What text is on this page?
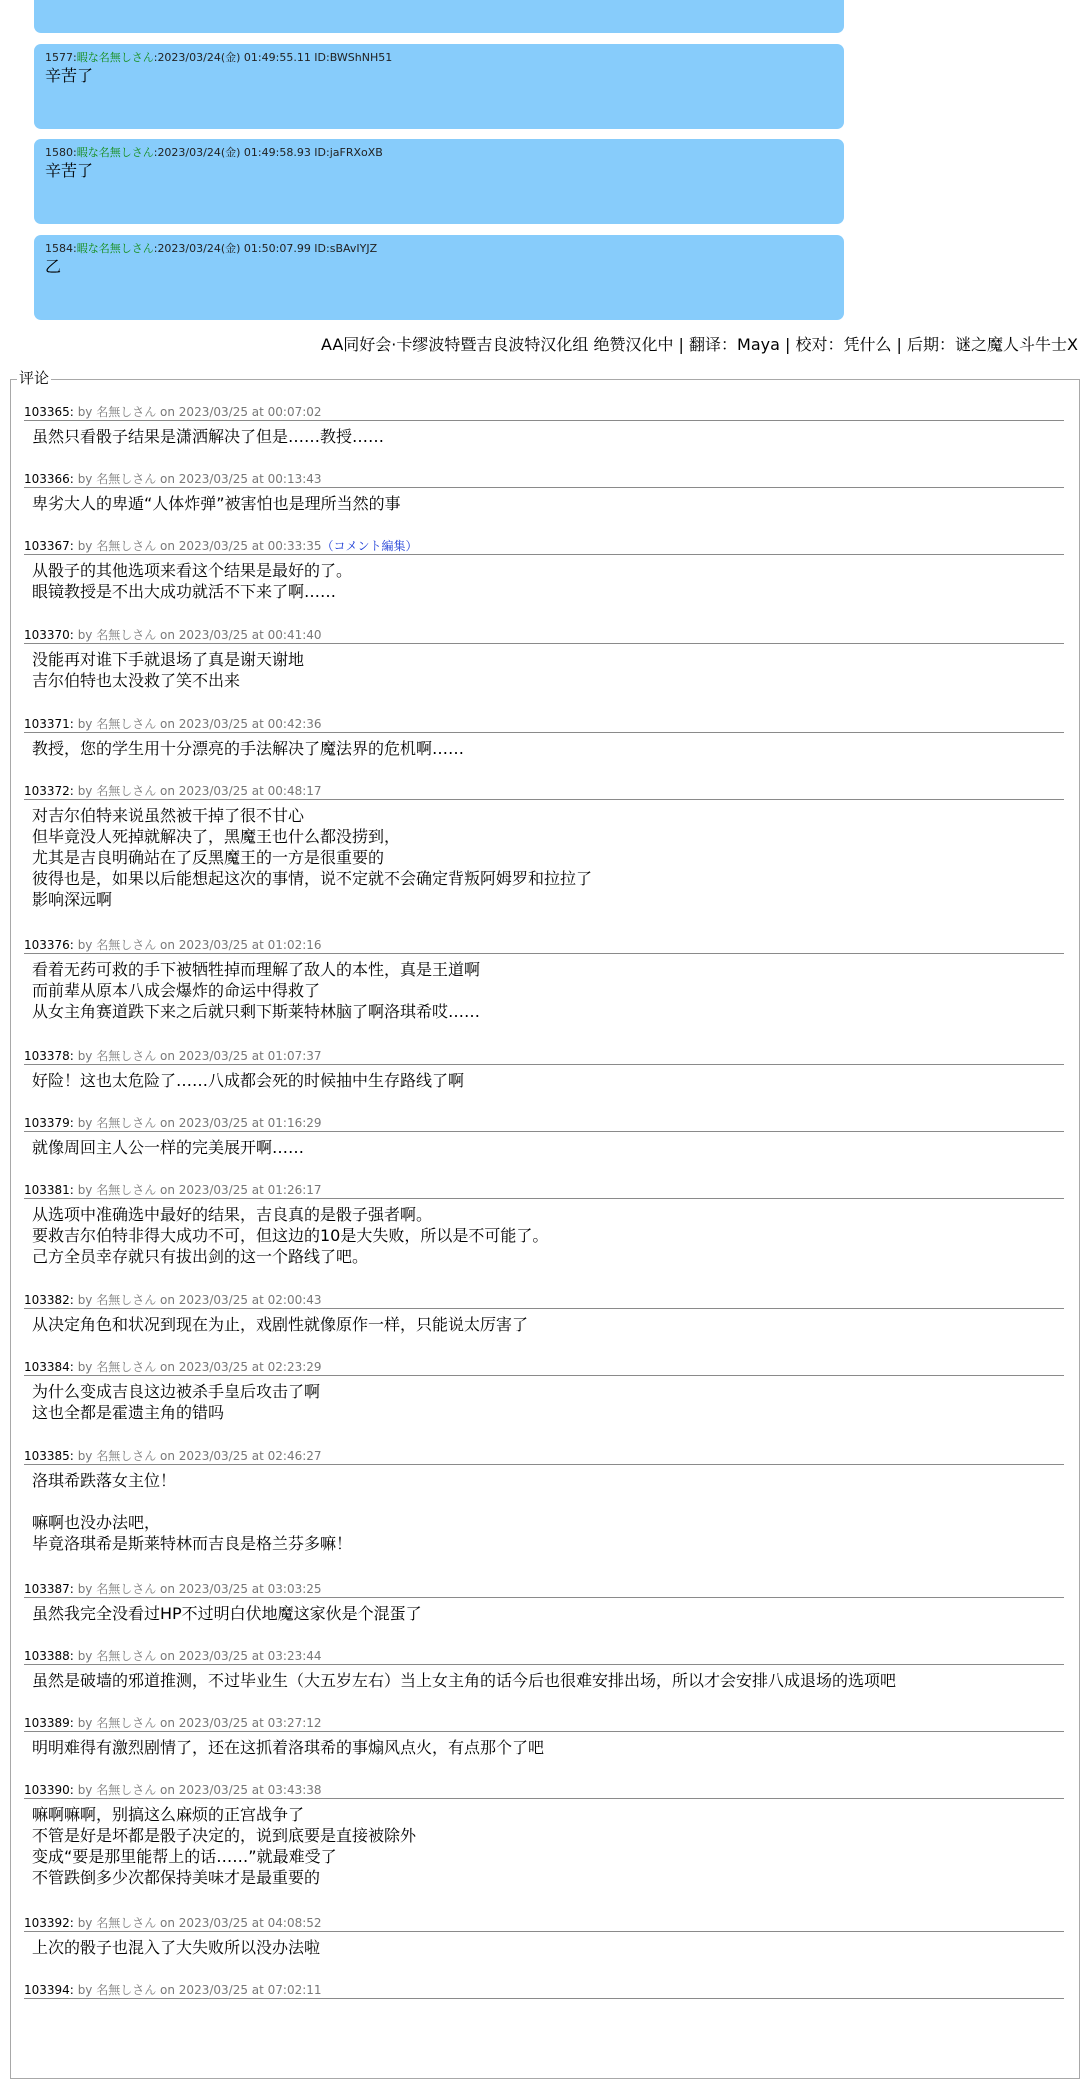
1577:暇な名無しさん:2023/03/24(金) 01:49:55.11 ID:BWShNH51
辛苦了
1580:暇な名無しさん:2023/03/24(金) 01:49:58.93 ID:jaFRXoXB
辛苦了
1584:暇な名無しさん:2023/03/24(金) 01:50:07.99 ID:sBAvIYJZ
乙
AA同好会·卡缪波特暨吉良波特汉化组 绝赞汉化中 | 翻译：Maya | 校对：凭什么 | 后期：谜之魔人斗牛士X
评论
103365: by 名無しさん on 2023/03/25 at 00:07:02
虽然只看骰子结果是潇洒解决了但是……教授……
103366: by 名無しさん on 2023/03/25 at 00:13:43
卑劣大人的卑遁“人体炸弹”被害怕也是理所当然的事
103367: by 名無しさん on 2023/03/25 at 00:33:35（コメント編集）
从骰子的其他选项来看这个结果是最好的了。
眼镜教授是不出大成功就活不下来了啊……
103370: by 名無しさん on 2023/03/25 at 00:41:40
没能再对谁下手就退场了真是谢天谢地
吉尔伯特也太没救了笑不出来
103371: by 名無しさん on 2023/03/25 at 00:42:36
教授，您的学生用十分漂亮的手法解决了魔法界的危机啊……
103372: by 名無しさん on 2023/03/25 at 00:48:17
对吉尔伯特来说虽然被干掉了很不甘心
但毕竟没人死掉就解决了，黑魔王也什么都没捞到，
尤其是吉良明确站在了反黑魔王的一方是很重要的
彼得也是，如果以后能想起这次的事情，说不定就不会确定背叛阿姆罗和拉拉了
影响深远啊
103376: by 名無しさん on 2023/03/25 at 01:02:16
看着无药可救的手下被牺牲掉而理解了敌人的本性，真是王道啊
而前辈从原本八成会爆炸的命运中得救了
从女主角赛道跌下来之后就只剩下斯莱特林脑了啊洛琪希哎……
103378: by 名無しさん on 2023/03/25 at 01:07:37
好险！这也太危险了……八成都会死的时候抽中生存路线了啊
103379: by 名無しさん on 2023/03/25 at 01:16:29
就像周回主人公一样的完美展开啊……
103381: by 名無しさん on 2023/03/25 at 01:26:17
从选项中准确选中最好的结果，吉良真的是骰子强者啊。
要救吉尔伯特非得大成功不可，但这边的10是大失败，所以是不可能了。
己方全员幸存就只有拔出剑的这一个路线了吧。
103382: by 名無しさん on 2023/03/25 at 02:00:43
从决定角色和状况到现在为止，戏剧性就像原作一样，只能说太厉害了
103384: by 名無しさん on 2023/03/25 at 02:23:29
为什么变成吉良这边被杀手皇后攻击了啊
这也全都是霍遗主角的错吗
103385: by 名無しさん on 2023/03/25 at 02:46:27
洛琪希跌落女主位！

嘛啊也没办法吧，
毕竟洛琪希是斯莱特林而吉良是格兰芬多嘛！
103387: by 名無しさん on 2023/03/25 at 03:03:25
虽然我完全没看过HP不过明白伏地魔这家伙是个混蛋了
103388: by 名無しさん on 2023/03/25 at 03:23:44
虽然是破墙的邪道推测，不过毕业生（大五岁左右）当上女主角的话今后也很难安排出场，所以才会安排八成退场的选项吧
103389: by 名無しさん on 2023/03/25 at 03:27:12
明明难得有激烈剧情了，还在这抓着洛琪希的事煽风点火，有点那个了吧
103390: by 名無しさん on 2023/03/25 at 03:43:38
嘛啊嘛啊，别搞这么麻烦的正宫战争了
不管是好是坏都是骰子决定的，说到底要是直接被除外
变成“要是那里能帮上的话……”就最难受了
不管跌倒多少次都保持美味才是最重要的
103392: by 名無しさん on 2023/03/25 at 04:08:52
上次的骰子也混入了大失败所以没办法啦
103394: by 名無しさん on 2023/03/25 at 07:02:11
